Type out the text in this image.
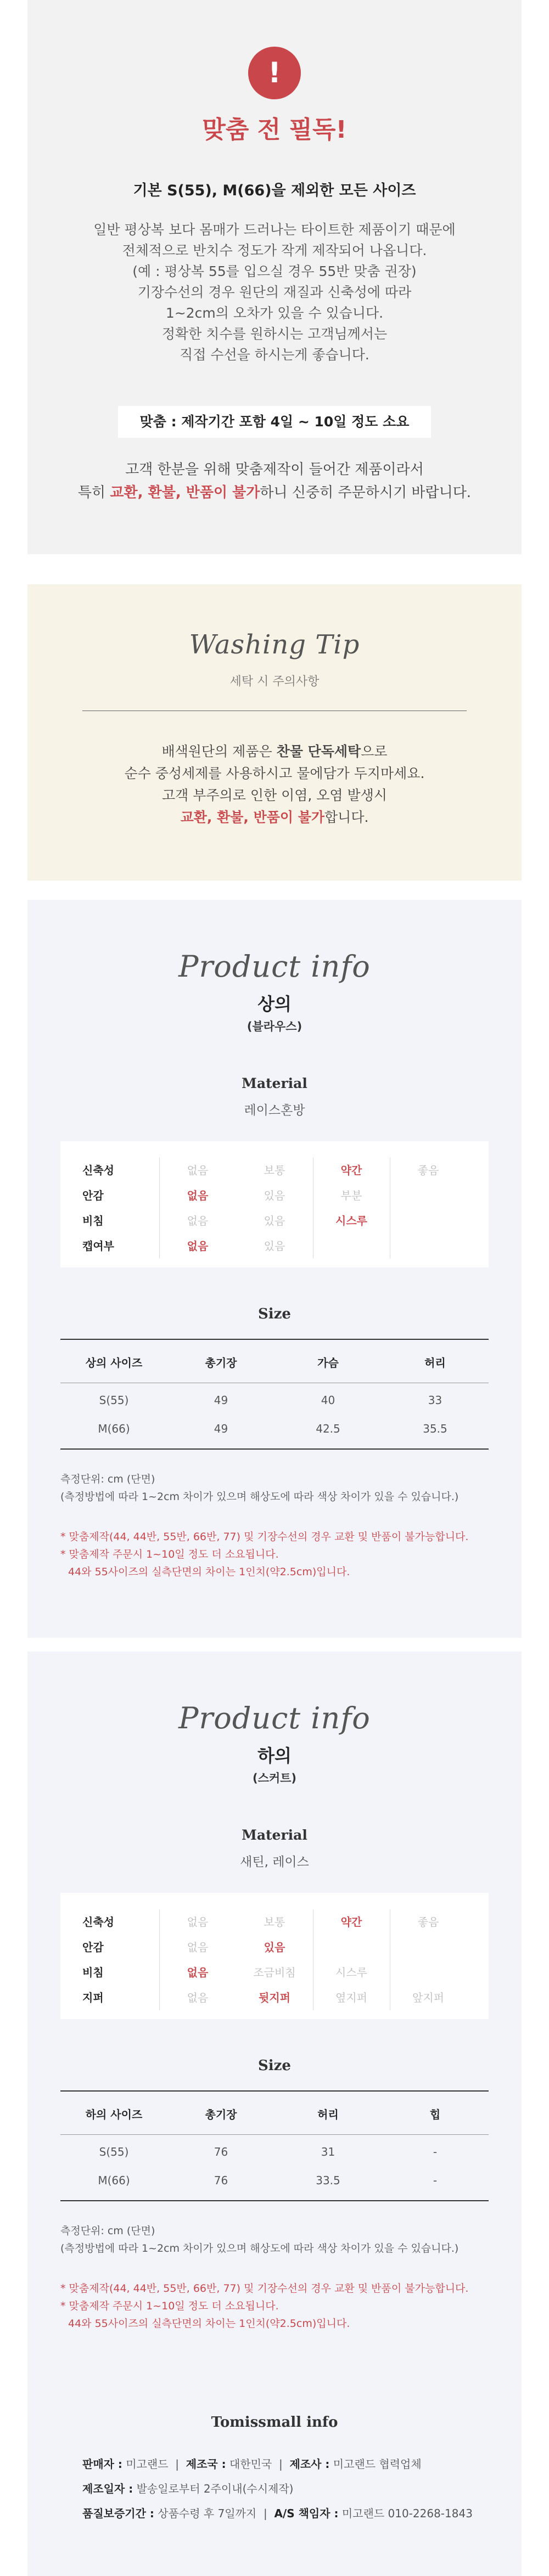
!
맞춤 전 필독!
기본 S(55), M(66)을 제외한 모든 사이즈
일반 평상복 보다 몸매가 드러나는 타이트한 제품이기 때문에
전체적으로 반치수 정도가 작게 제작되어 나옵니다.
(예 : 평상복 55를 입으실 경우 55반 맞춤 권장)
기장수선의 경우 원단의 재질과 신축성에 따라
1~2cm의 오차가 있을 수 있습니다.
정확한 치수를 원하시는 고객님께서는
직접 수선을 하시는게 좋습니다.
맞춤 : 제작기간 포함 4일 ~ 10일 정도 소요
고객 한분을 위해 맞춤제작이 들어간 제품이라서
특히 교환, 환불, 반품이 불가하니 신중히 주문하시기 바랍니다.
Washing Tip
세탁 시 주의사항
배색원단의 제품은 찬물 단독세탁으로
순수 중성세제를 사용하시고 물에담가 두지마세요.
고객 부주의로 인한 이염, 오염 발생시
교환, 환불, 반품이 불가합니다.
Product info
상의
(블라우스)
Material
레이스혼방
신축성	없음	보통	약간	좋음
안감	없음	있음	부분
비침	없음	있음	시스루
캡여부	없음	있음
Size
상의 사이즈	총기장	가슴	허리
S(55)	49	40	33
M(66)	49	42.5	35.5
측정단위: cm (단면)
(측정방법에 따라 1~2cm 차이가 있으며 해상도에 따라 색상 차이가 있을 수 있습니다.)
* 맞춤제작(44, 44반, 55반, 66반, 77) 및 기장수선의 경우 교환 및 반품이 불가능합니다.
* 맞춤제작 주문시 1~10일 정도 더 소요됩니다.
44와 55사이즈의 실측단면의 차이는 1인치(약2.5cm)입니다.
Product info
하의
(스커트)
Material
새틴, 레이스
신축성	없음	보통	약간	좋음
안감	없음	있음
비침	없음	조금비침	시스루
지퍼	없음	뒷지퍼	옆지퍼	앞지퍼
Size
하의 사이즈	총기장	허리	힙
S(55)	76	31	-
M(66)	76	33.5	-
측정단위: cm (단면)
(측정방법에 따라 1~2cm 차이가 있으며 해상도에 따라 색상 차이가 있을 수 있습니다.)
* 맞춤제작(44, 44반, 55반, 66반, 77) 및 기장수선의 경우 교환 및 반품이 불가능합니다.
* 맞춤제작 주문시 1~10일 정도 더 소요됩니다.
44와 55사이즈의 실측단면의 차이는 1인치(약2.5cm)입니다.
Tomissmall info
판매자 : 미고랜드 | 제조국 : 대한민국 | 제조사 : 미고랜드 협력업체
제조일자 : 발송일로부터 2주이내(수시제작)
품질보증기간 : 상품수령 후 7일까지 | A/S 책임자 : 미고랜드 010-2268-1843
